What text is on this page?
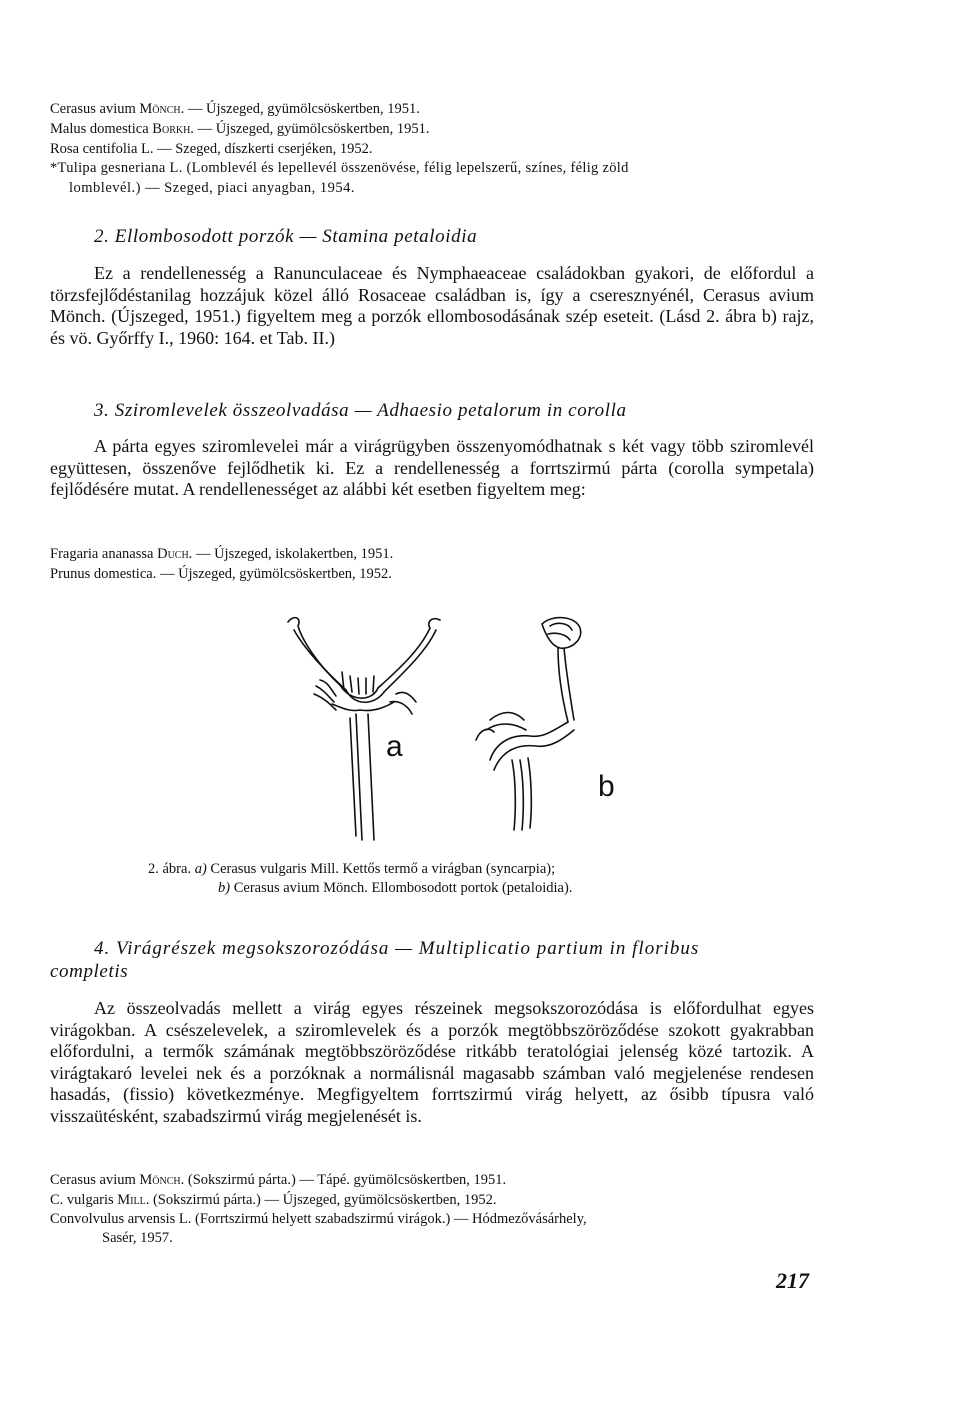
Cerasus avium Mönch. — Újszeged, gyümölcsöskertben, 1951.
Malus domestica Borkh. — Újszeged, gyümölcsöskertben, 1951.
Rosa centifolia L. — Szeged, díszkerti cserjéken, 1952.
*Tulipa gesneriana L. (Lomblevél és lepellevél összenövése, félig lepelszerű, színes, félig zöld
lomblevél.) — Szeged, piaci anyagban, 1954.
2. Ellombosodott porzók — Stamina petaloidia
Ez a rendellenesség a Ranunculaceae és Nymphaeaceae családokban gyakori, de előfordul a törzsfejlődéstanilag hozzájuk közel álló Rosaceae családban is, így a cseresznyénél, Cerasus avium Mönch. (Újszeged, 1951.) figyeltem meg a porzók ellombosodásának szép eseteit. (Lásd 2. ábra b) rajz, és vö. Győrffy I., 1960: 164. et Tab. II.)
3. Sziromlevelek összeolvadása — Adhaesio petalorum in corolla
A párta egyes sziromlevelei már a virágrügyben összenyomódhatnak s két vagy több sziromlevél együttesen, összenőve fejlődhetik ki. Ez a rendellenesség a forrtszirmú párta (corolla sympetala) fejlődésére mutat. A rendellenességet az alábbi két esetben figyeltem meg:
Fragaria ananassa Duch. — Újszeged, iskolakertben, 1951.
Prunus domestica. — Újszeged, gyümölcsöskertben, 1952.
a
b
2. ábra. a) Cerasus vulgaris Mill. Kettős termő a virágban (syncarpia);
b) Cerasus avium Mönch. Ellombosodott portok (petaloidia).
4. Virágrészek megsokszorozódása — Multiplicatio partium in floribus
completis
Az összeolvadás mellett a virág egyes részeinek megsokszorozódása is előfordulhat egyes virágokban. A csészelevelek, a sziromlevelek és a porzók megtöbbszöröződése szokott gyakrabban előfordulni, a termők számának megtöbbszöröződése ritkább teratológiai jelenség közé tartozik. A virágtakaró levelei nek és a porzóknak a normálisnál magasabb számban való megjelenése rendesen hasadás, (fissio) következménye. Megfigyeltem forrtszirmú virág helyett, az ősibb típusra való visszaütésként, szabadszirmú virág megjelenését is.
Cerasus avium Mönch. (Sokszirmú párta.) — Tápé. gyümölcsöskertben, 1951.
C. vulgaris Mill. (Sokszirmú párta.) — Újszeged, gyümölcsöskertben, 1952.
Convolvulus arvensis L. (Forrtszirmú helyett szabadszirmú virágok.) — Hódmezővásárhely,
Sasér, 1957.
217
